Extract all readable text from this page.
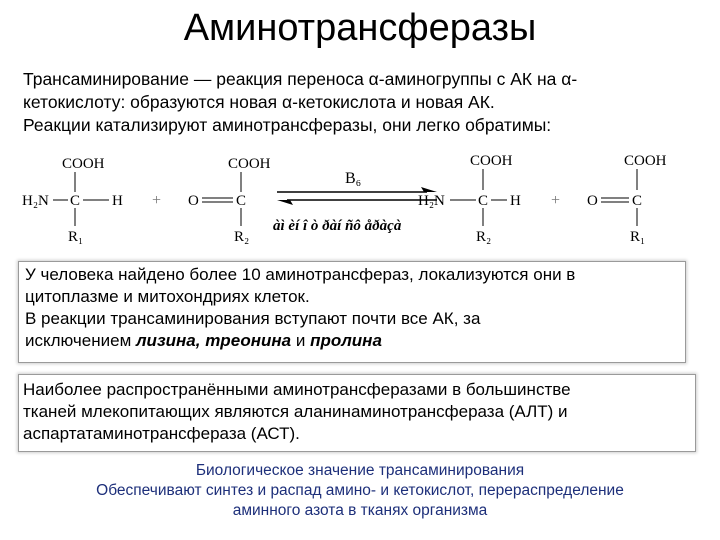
Аминотрансферазы

Трансаминирование — реакция переноса α-аминогруппы с АК на α-
кетокислоту: образуются новая α-кетокислота и новая АК.
Реакции катализируют аминотрансферазы, они легко обратимы:

COOH
H₂N C H
R₁
+
COOH
O C
R₂
B₆
àì èí î ò ðàí ñô åðàçà
COOH
H₂N C H
R₂
+
COOH
O C
R₁

У человека найдено более 10 аминотрансфераз, локализуются они в
цитоплазме и митохондриях клеток.
В реакции трансаминирования вступают почти все АК, за
исключением лизина, треонина и пролина

Наиболее распространёнными аминотрансферазами в большинстве
тканей млекопитающих являются аланинаминотрансфераза (АЛТ) и
аспартатаминотрансфераза (АСТ).

Биологическое значение трансаминирования
Обеспечивают синтез и распад амино- и кетокислот, перераспределение
аминного азота в тканях организма
